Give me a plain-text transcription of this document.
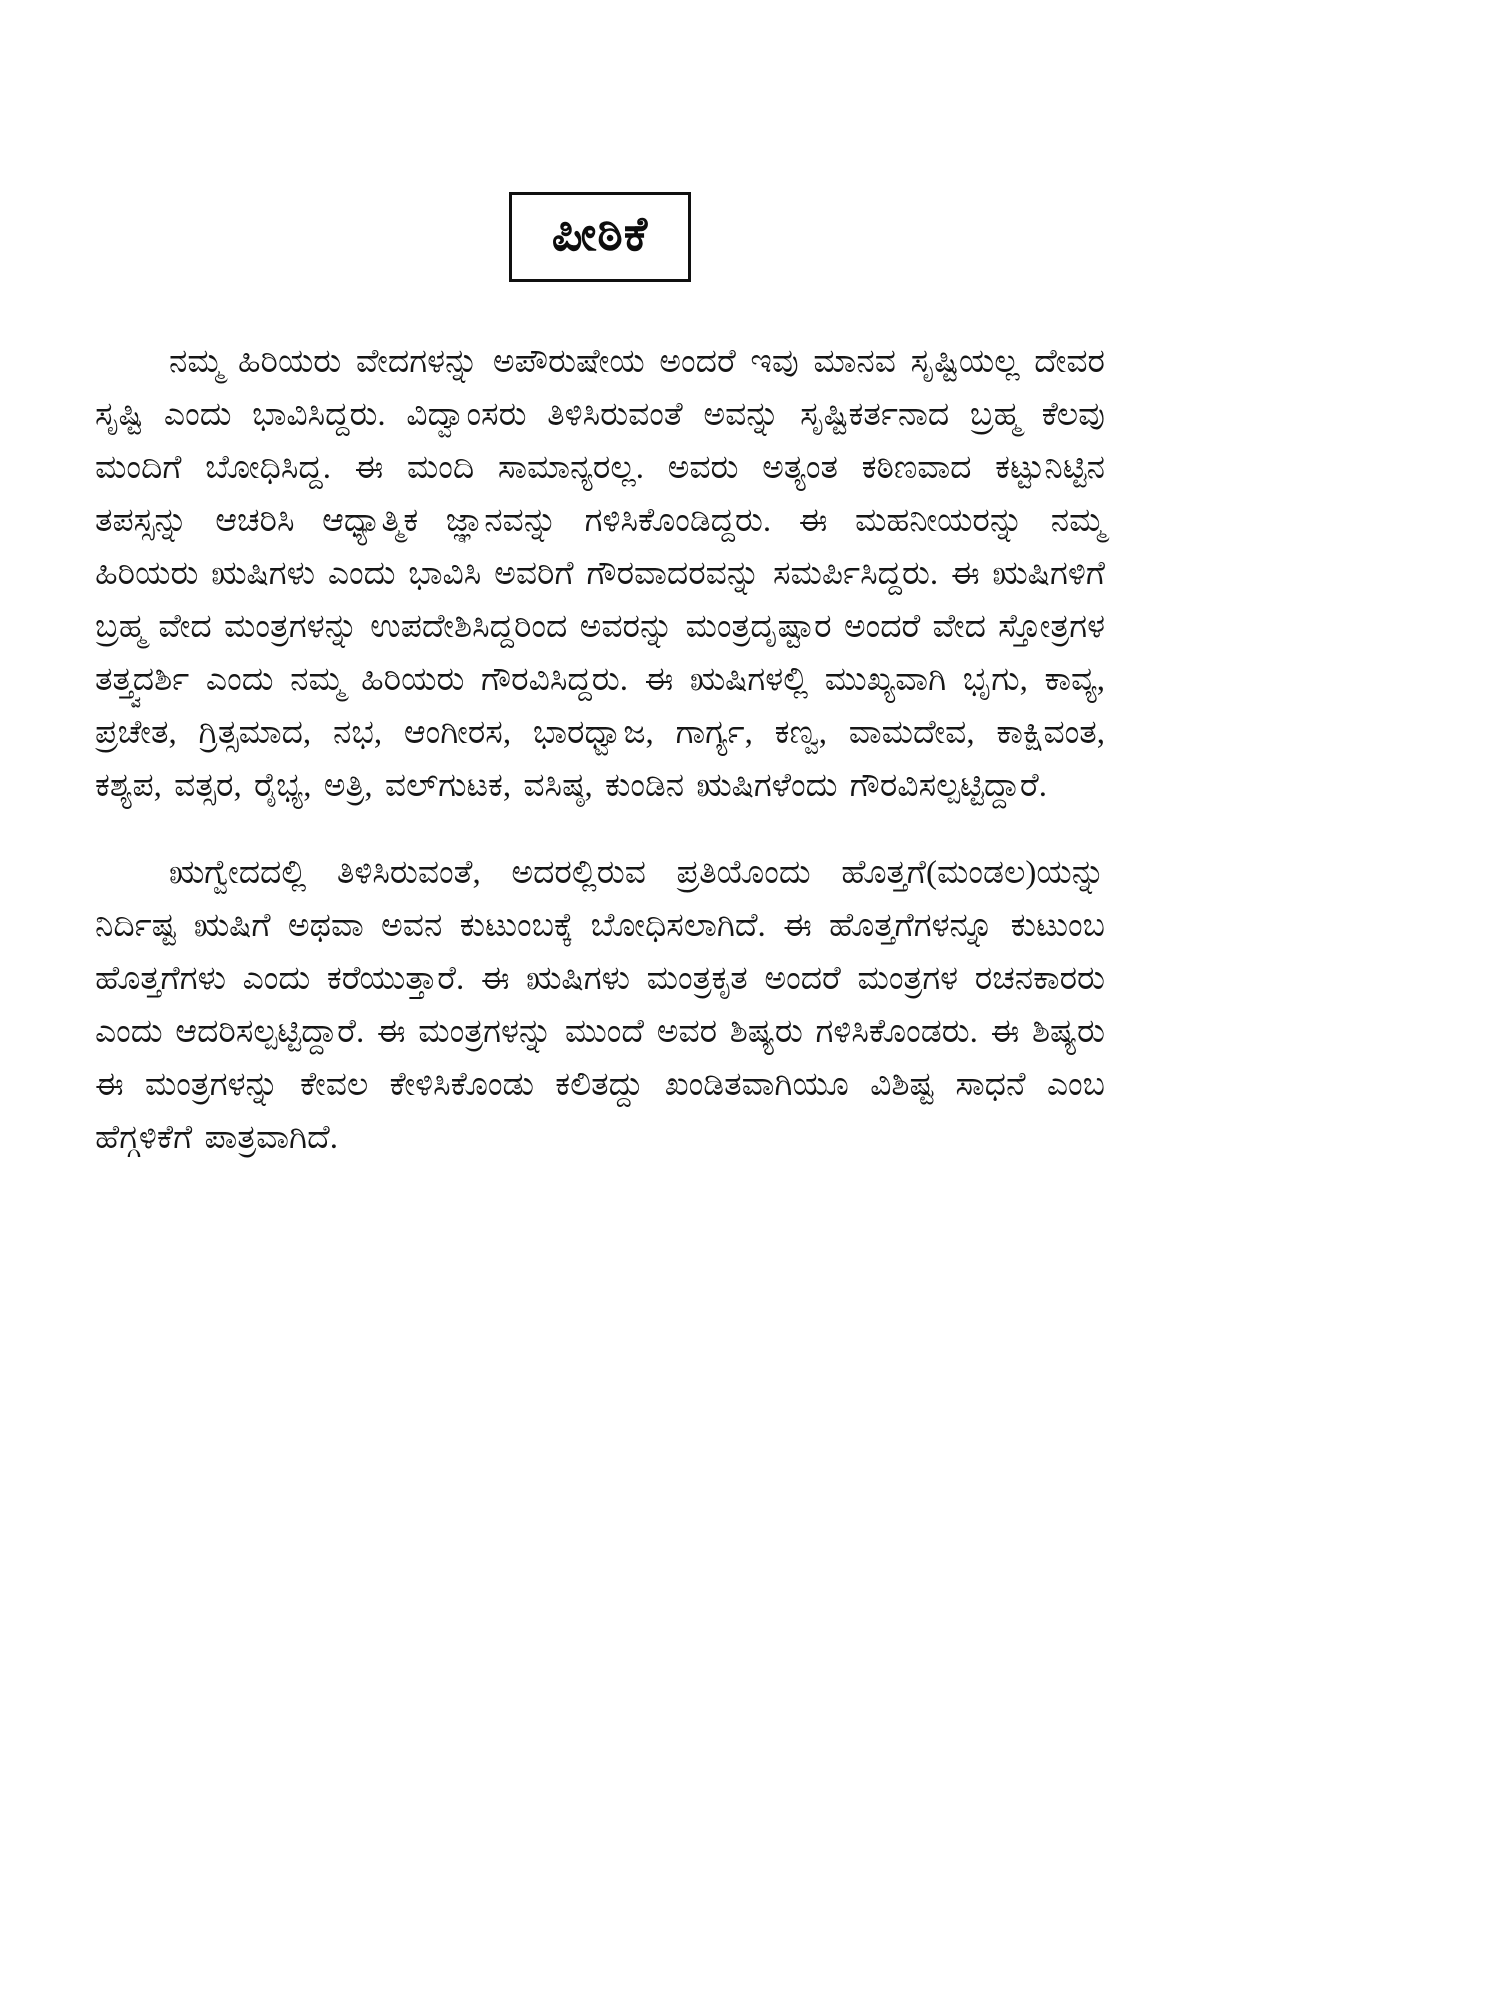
ಪೀಠಿಕೆ

ನಮ್ಮ ಹಿರಿಯರು ವೇದಗಳನ್ನು ಅಪೌರುಷೇಯ ಅಂದರೆ ಇವು ಮಾನವ ಸೃಷ್ಟಿಯಲ್ಲ ದೇವರ ಸೃಷ್ಟಿ ಎಂದು ಭಾವಿಸಿದ್ದರು. ವಿದ್ವಾಂಸರು ತಿಳಿಸಿರುವಂತೆ ಅವನ್ನು ಸೃಷ್ಟಿಕರ್ತನಾದ ಬ್ರಹ್ಮ ಕೆಲವು ಮಂದಿಗೆ ಬೋಧಿಸಿದ್ದ. ಈ ಮಂದಿ ಸಾಮಾನ್ಯರಲ್ಲ. ಅವರು ಅತ್ಯಂತ ಕಠಿಣವಾದ ಕಟ್ಟುನಿಟ್ಟಿನ ತಪಸ್ಸನ್ನು ಆಚರಿಸಿ ಆಧ್ಯಾತ್ಮಿಕ ಜ್ಞಾನವನ್ನು ಗಳಿಸಿಕೊಂಡಿದ್ದರು. ಈ ಮಹನೀಯರನ್ನು ನಮ್ಮ ಹಿರಿಯರು ಋಷಿಗಳು ಎಂದು ಭಾವಿಸಿ ಅವರಿಗೆ ಗೌರವಾದರವನ್ನು ಸಮರ್ಪಿಸಿದ್ದರು. ಈ ಋಷಿಗಳಿಗೆ ಬ್ರಹ್ಮ ವೇದ ಮಂತ್ರಗಳನ್ನು ಉಪದೇಶಿಸಿದ್ದರಿಂದ ಅವರನ್ನು ಮಂತ್ರದೃಷ್ಟಾರ ಅಂದರೆ ವೇದ ಸ್ತೋತ್ರಗಳ ತತ್ತ್ವದರ್ಶಿ ಎಂದು ನಮ್ಮ ಹಿರಿಯರು ಗೌರವಿಸಿದ್ದರು. ಈ ಋಷಿಗಳಲ್ಲಿ ಮುಖ್ಯವಾಗಿ ಭೃಗು, ಕಾವ್ಯ, ಪ್ರಚೇತ, ಗ್ರಿತ್ಸಮಾದ, ನಭ, ಆಂಗೀರಸ, ಭಾರಧ್ವಾಜ, ಗಾರ್ಗ್ಯ, ಕಣ್ವ, ವಾಮದೇವ, ಕಾಕ್ಷಿವಂತ, ಕಶ್ಯಪ, ವತ್ಸರ, ರೈಭ್ಯ, ಅತ್ರಿ, ವಲ್‌ಗುಟಕ, ವಸಿಷ್ಠ, ಕುಂಡಿನ ಋಷಿಗಳೆಂದು ಗೌರವಿಸಲ್ಪಟ್ಟಿದ್ದಾರೆ.

ಋಗ್ವೇದದಲ್ಲಿ ತಿಳಿಸಿರುವಂತೆ, ಅದರಲ್ಲಿರುವ ಪ್ರತಿಯೊಂದು ಹೊತ್ತಗೆ(ಮಂಡಲ)ಯನ್ನು ನಿರ್ದಿಷ್ಟ ಋಷಿಗೆ ಅಥವಾ ಅವನ ಕುಟುಂಬಕ್ಕೆ ಬೋಧಿಸಲಾಗಿದೆ. ಈ ಹೊತ್ತಗೆಗಳನ್ನೂ ಕುಟುಂಬ ಹೊತ್ತಗೆಗಳು ಎಂದು ಕರೆಯುತ್ತಾರೆ. ಈ ಋಷಿಗಳು ಮಂತ್ರಕೃತ ಅಂದರೆ ಮಂತ್ರಗಳ ರಚನಕಾರರು ಎಂದು ಆದರಿಸಲ್ಪಟ್ಟಿದ್ದಾರೆ. ಈ ಮಂತ್ರಗಳನ್ನು ಮುಂದೆ ಅವರ ಶಿಷ್ಯರು ಗಳಿಸಿಕೊಂಡರು. ಈ ಶಿಷ್ಯರು ಈ ಮಂತ್ರಗಳನ್ನು ಕೇವಲ ಕೇಳಿಸಿಕೊಂಡು ಕಲಿತದ್ದು ಖಂಡಿತವಾಗಿಯೂ ವಿಶಿಷ್ಟ ಸಾಧನೆ ಎಂಬ ಹೆಗ್ಗಳಿಕೆಗೆ ಪಾತ್ರವಾಗಿದೆ.
